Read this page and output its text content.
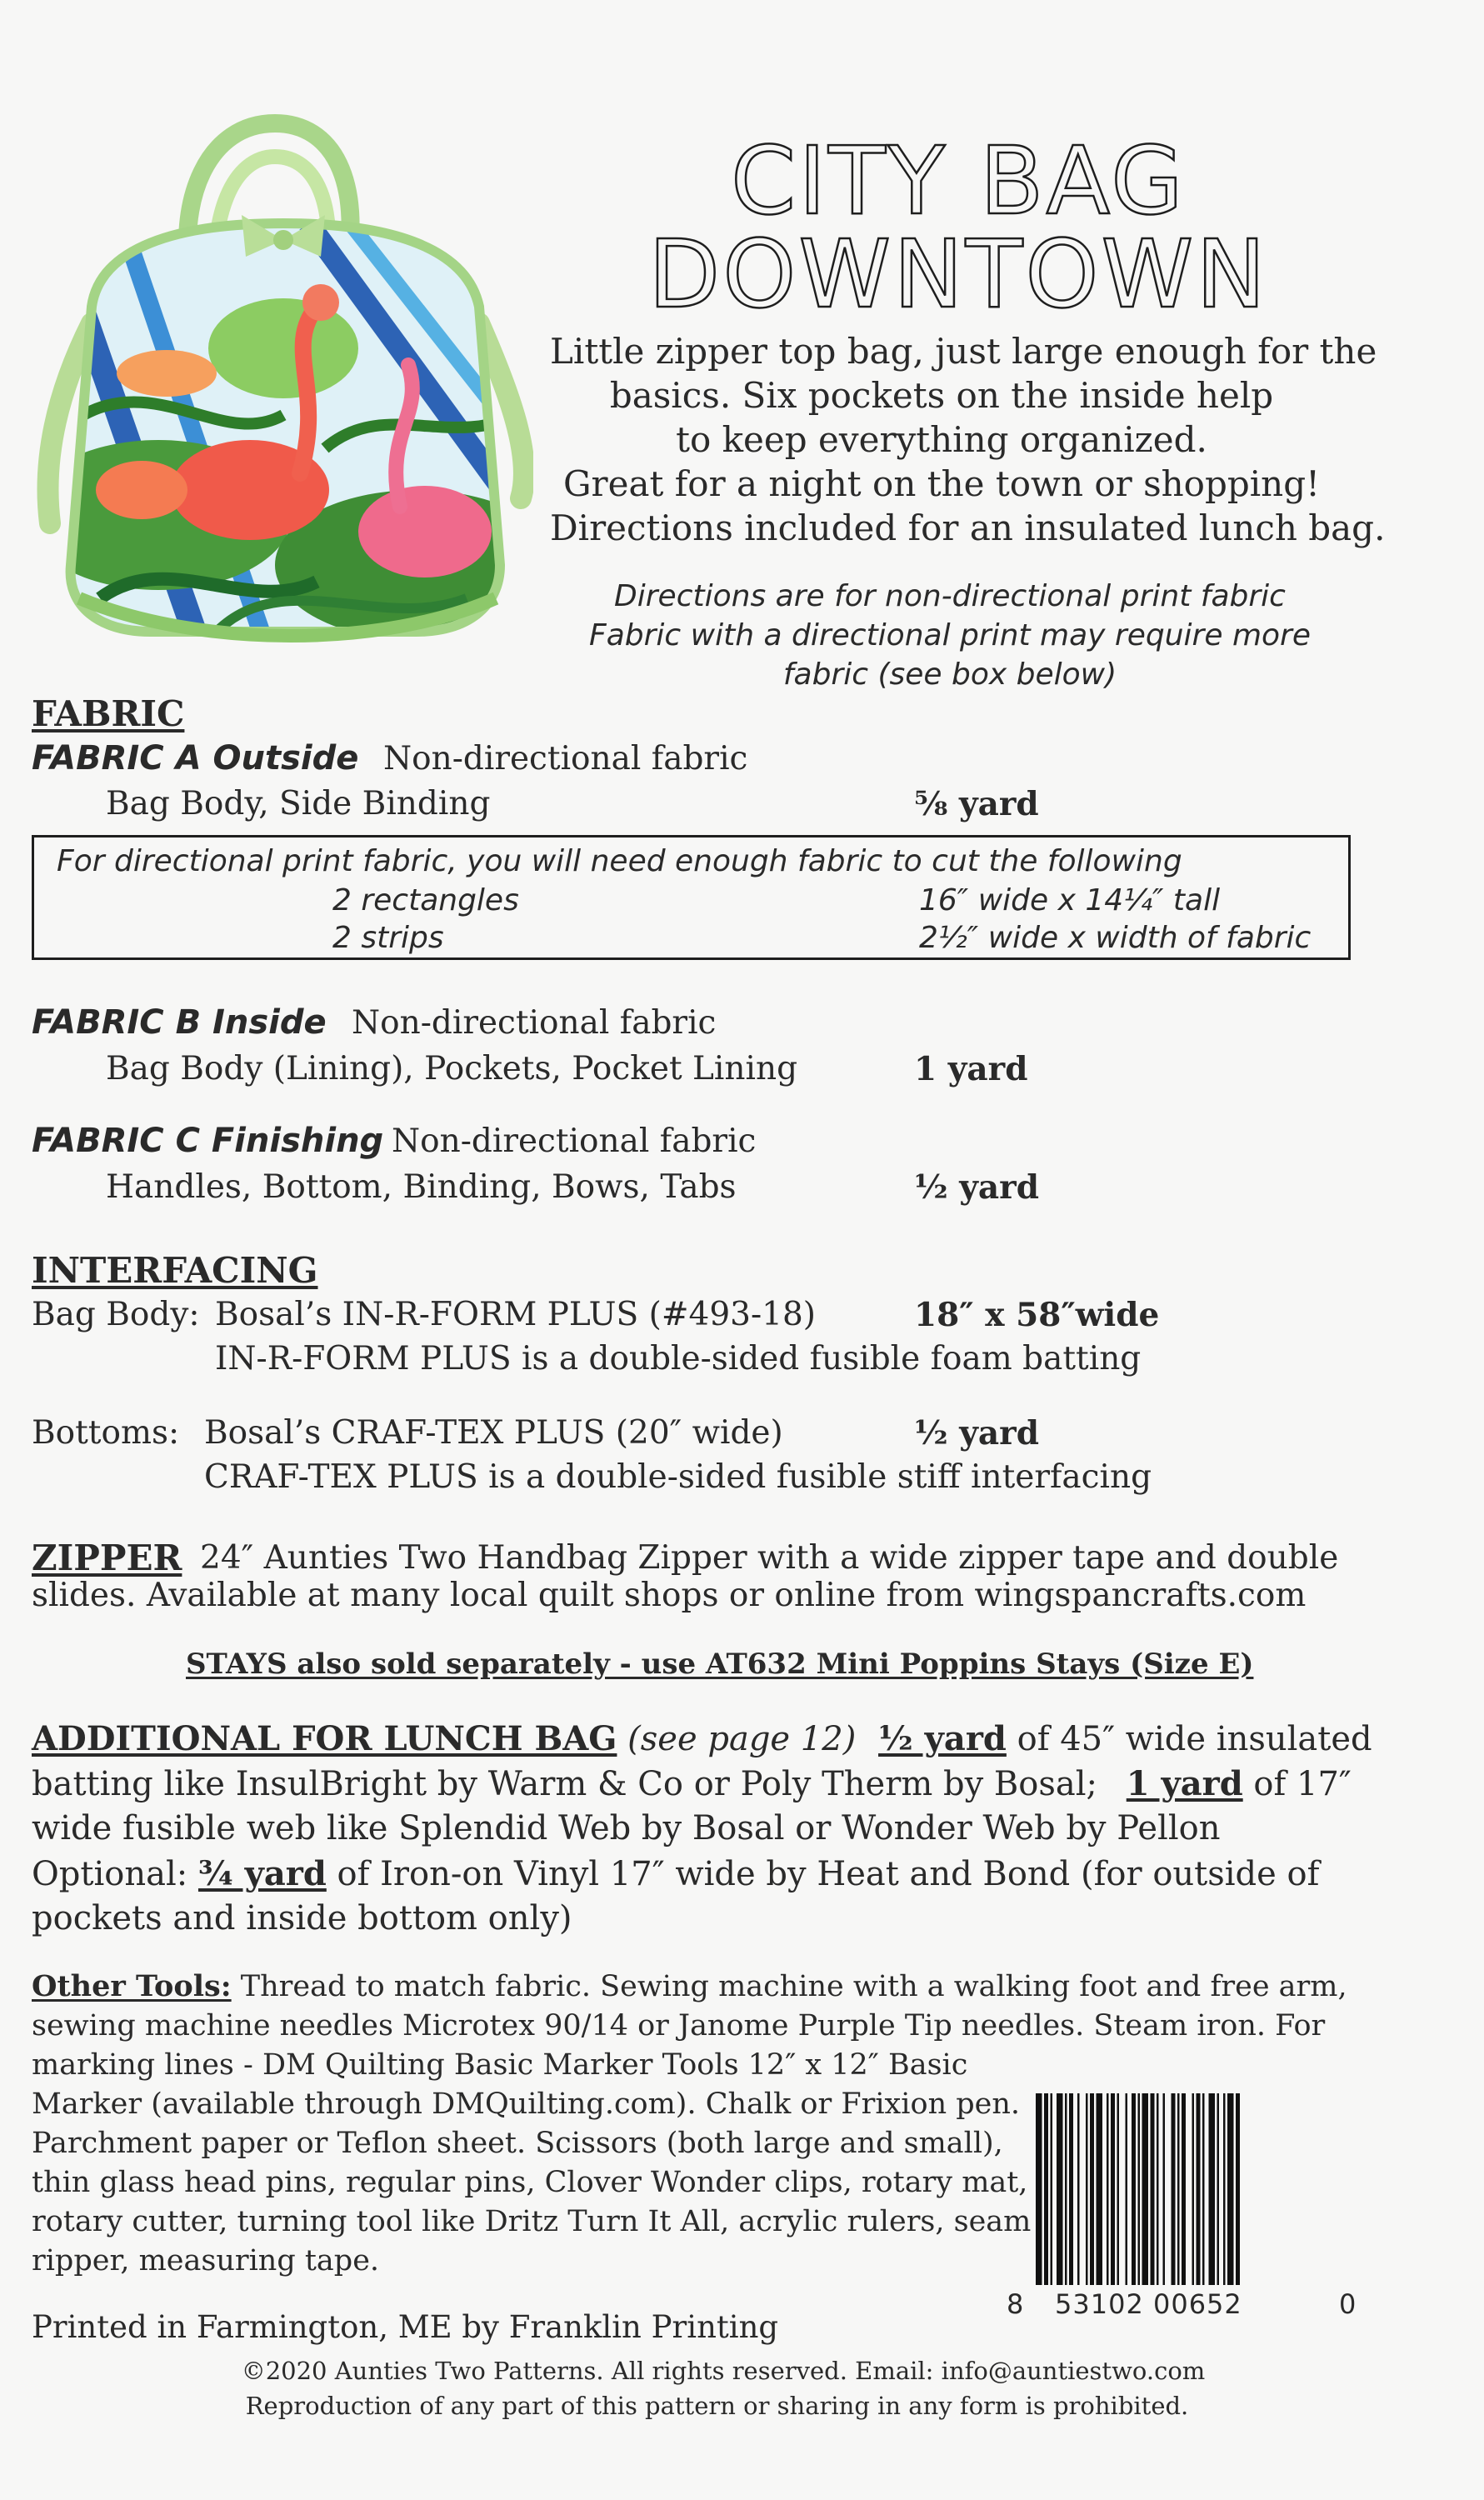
CITY BAG
DOWNTOWN
Little zipper top bag, just large enough for the
basics. Six pockets on the inside help
to keep everything organized.
Great for a night on the town or shopping!
Directions included for an insulated lunch bag.
Directions are for non-directional print fabric
Fabric with a directional print may require more
fabric (see box below)
FABRIC
FABRIC A Outside Non-directional fabric
Bag Body, Side Binding	⅝ yard
For directional print fabric, you will need enough fabric to cut the following
2 rectangles	16″ wide x 14¼″ tall
2 strips	2½″ wide x width of fabric
FABRIC B Inside Non-directional fabric
Bag Body (Lining), Pockets, Pocket Lining	1 yard
FABRIC C Finishing Non-directional fabric
Handles, Bottom, Binding, Bows, Tabs	½ yard
INTERFACING
Bag Body: Bosal’s IN-R-FORM PLUS (#493-18)	18″ x 58″wide
IN-R-FORM PLUS is a double-sided fusible foam batting
Bottoms: Bosal’s CRAF-TEX PLUS (20″ wide)	½ yard
CRAF-TEX PLUS is a double-sided fusible stiff interfacing
ZIPPER 24″ Aunties Two Handbag Zipper with a wide zipper tape and double
slides. Available at many local quilt shops or online from wingspancrafts.com
STAYS also sold separately - use AT632 Mini Poppins Stays (Size E)
ADDITIONAL FOR LUNCH BAG (see page 12) ½ yard of 45″ wide insulated
batting like InsulBright by Warm & Co or Poly Therm by Bosal; 1 yard of 17″
wide fusible web like Splendid Web by Bosal or Wonder Web by Pellon
Optional: ¾ yard of Iron-on Vinyl 17″ wide by Heat and Bond (for outside of
pockets and inside bottom only)
Other Tools: Thread to match fabric. Sewing machine with a walking foot and free arm,
sewing machine needles Microtex 90/14 or Janome Purple Tip needles. Steam iron. For
marking lines - DM Quilting Basic Marker Tools 12″ x 12″ Basic
Marker (available through DMQuilting.com). Chalk or Frixion pen.
Parchment paper or Teflon sheet. Scissors (both large and small),
thin glass head pins, regular pins, Clover Wonder clips, rotary mat,
rotary cutter, turning tool like Dritz Turn It All, acrylic rulers, seam
ripper, measuring tape.
8 53102 00652	0
Printed in Farmington, ME by Franklin Printing
©2020 Aunties Two Patterns. All rights reserved. Email: info@auntiestwo.com
Reproduction of any part of this pattern or sharing in any form is prohibited.
